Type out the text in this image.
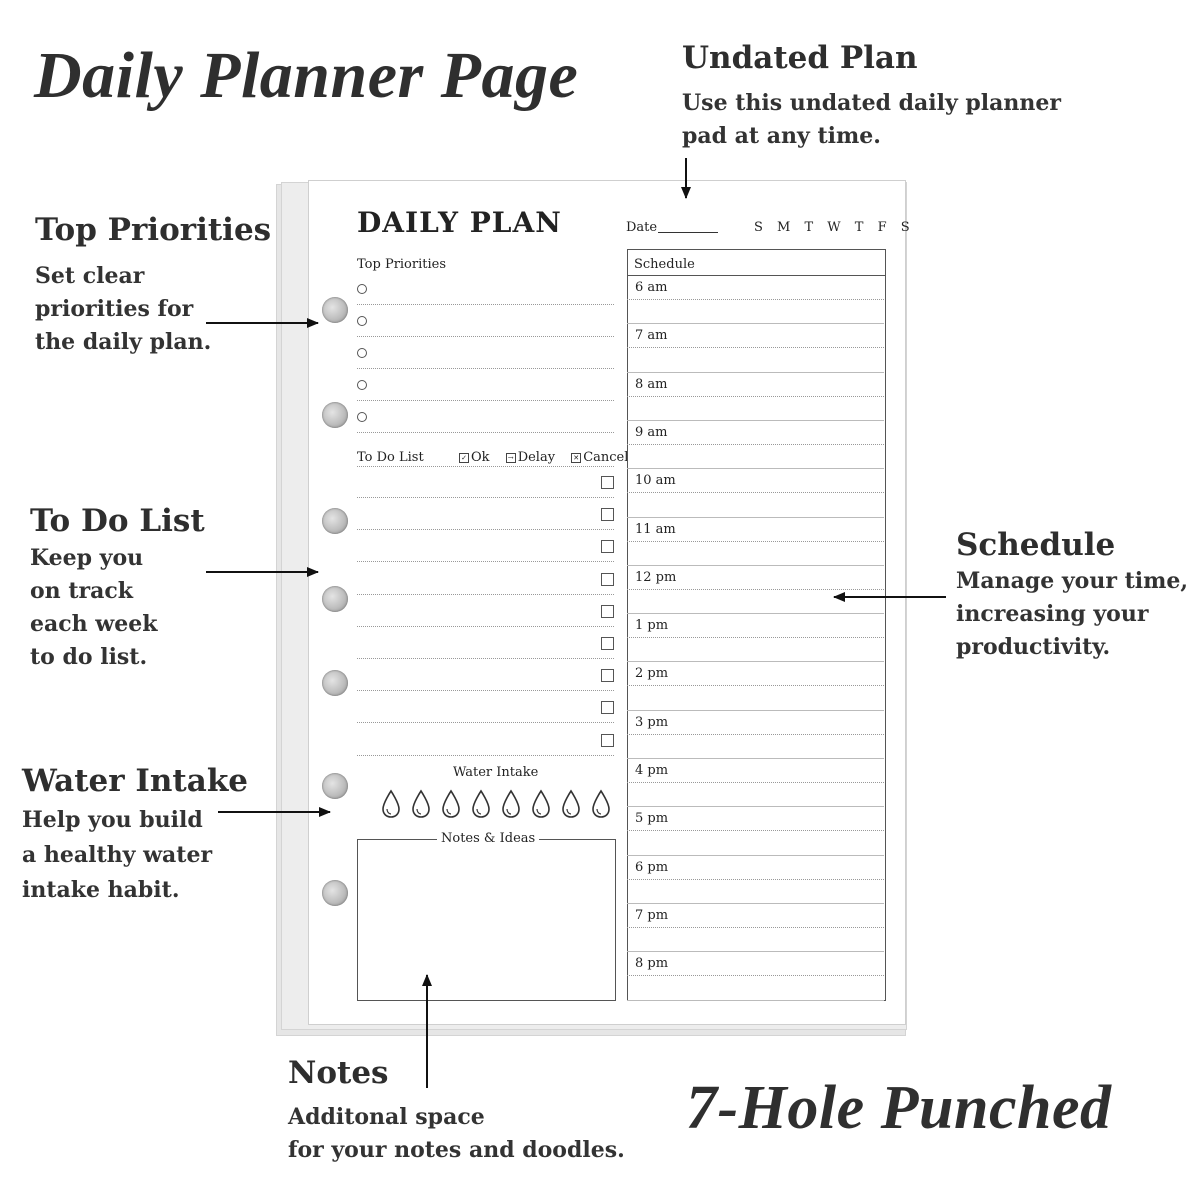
Daily Planner Page
DAILY PLAN	Date	S M T W T F S
Top Priorities
To Do List	✓ Ok	→ Delay	✕ Cancel
Water Intake
Notes & Ideas
Schedule
6 am
7 am
8 am
9 am
10 am
11 am
12 pm
1 pm
2 pm
3 pm
4 pm
5 pm
6 pm
7 pm
8 pm
Top Priorities
Set clear
priorities for
the daily plan.
To Do List
Keep you
on track
each week
to do list.
Water Intake
Help you build
a healthy water
intake habit.
Undated Plan
Use this undated daily planner
pad at any time.
Schedule
Manage your time,
increasing your
productivity.
Notes
Additonal space
for your notes and doodles.
7-Hole Punched
